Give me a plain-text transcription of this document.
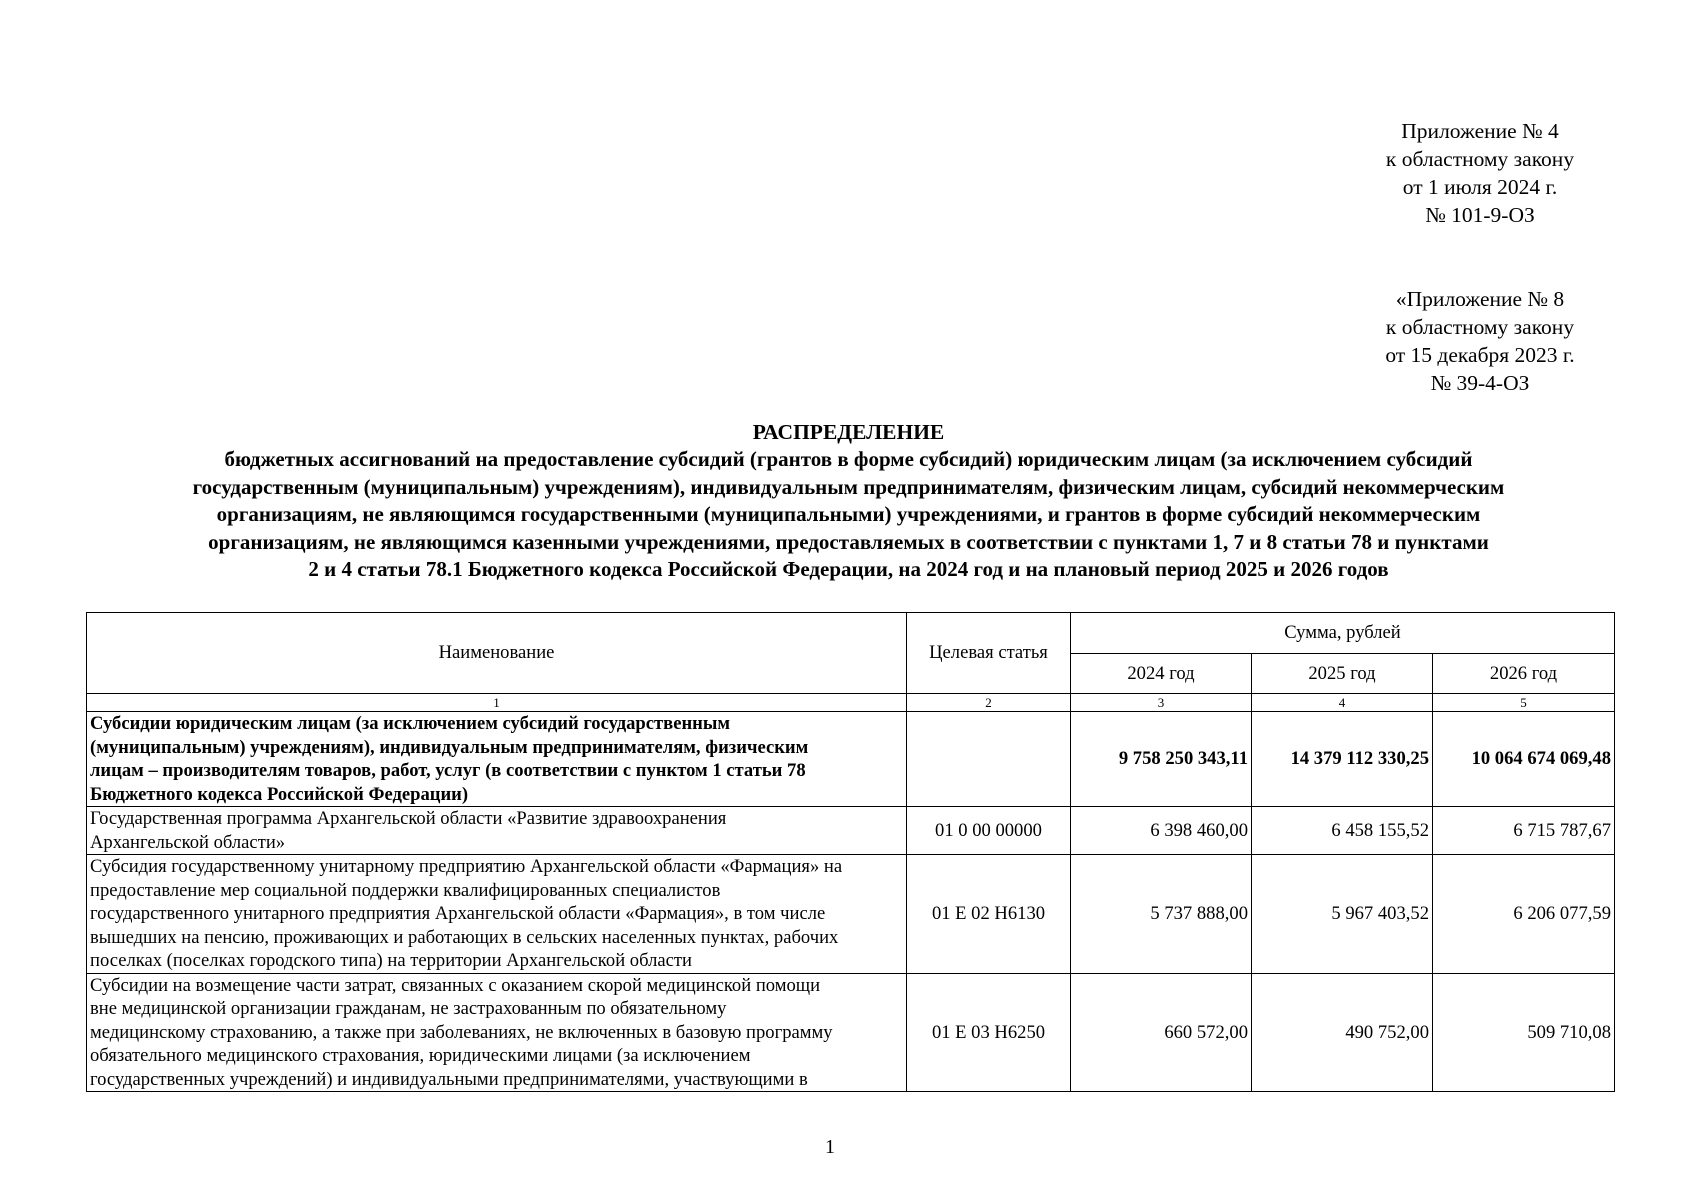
Приложение № 4
к областному закону
от 1 июля 2024 г.
№ 101-9-ОЗ
«Приложение № 8
к областному закону
от 15 декабря 2023 г.
№ 39-4-ОЗ
РАСПРЕДЕЛЕНИЕ
бюджетных ассигнований на предоставление субсидий (грантов в форме субсидий) юридическим лицам (за исключением субсидий
государственным (муниципальным) учреждениям), индивидуальным предпринимателям, физическим лицам, субсидий некоммерческим
организациям, не являющимся государственными (муниципальными) учреждениями, и грантов в форме субсидий некоммерческим
организациям, не являющимся казенными учреждениями, предоставляемых в соответствии с пунктами 1, 7 и 8 статьи 78 и пунктами
2 и 4 статьи 78.1 Бюджетного кодекса Российской Федерации, на 2024 год и на плановый период 2025 и 2026 годов
Наименование	Целевая статья	Сумма, рублей		
		2024 год	2025 год	2026 год
1	2	3	4	5

Субсидии юридическим лицам (за исключением субсидий государственным
(муниципальным) учреждениям), индивидуальным предпринимателям, физическим
лицам – производителям товаров, работ, услуг (в соответствии с пунктом 1 статьи 78
Бюджетного кодекса Российской Федерации)		9 758 250 343,11	14 379 112 330,25	10 064 674 069,48

Государственная программа Архангельской области «Развитие здравоохранения
Архангельской области»	01 0 00 00000	6 398 460,00	6 458 155,52	6 715 787,67

Субсидия государственному унитарному предприятию Архангельской области «Фармация» на
предоставление мер социальной поддержки квалифицированных специалистов
государственного унитарного предприятия Архангельской области «Фармация», в том числе
вышедших на пенсию, проживающих и работающих в сельских населенных пунктах, рабочих
поселках (поселках городского типа) на территории Архангельской области	01 Е 02 Н6130	5 737 888,00	5 967 403,52	6 206 077,59

Субсидии на возмещение части затрат, связанных с оказанием скорой медицинской помощи
вне медицинской организации гражданам, не застрахованным по обязательному
медицинскому страхованию, а также при заболеваниях, не включенных в базовую программу
обязательного медицинского страхования, юридическими лицами (за исключением
государственных учреждений) и индивидуальными предпринимателями, участвующими в	01 Е 03 Н6250	660 572,00	490 752,00	509 710,08
1
